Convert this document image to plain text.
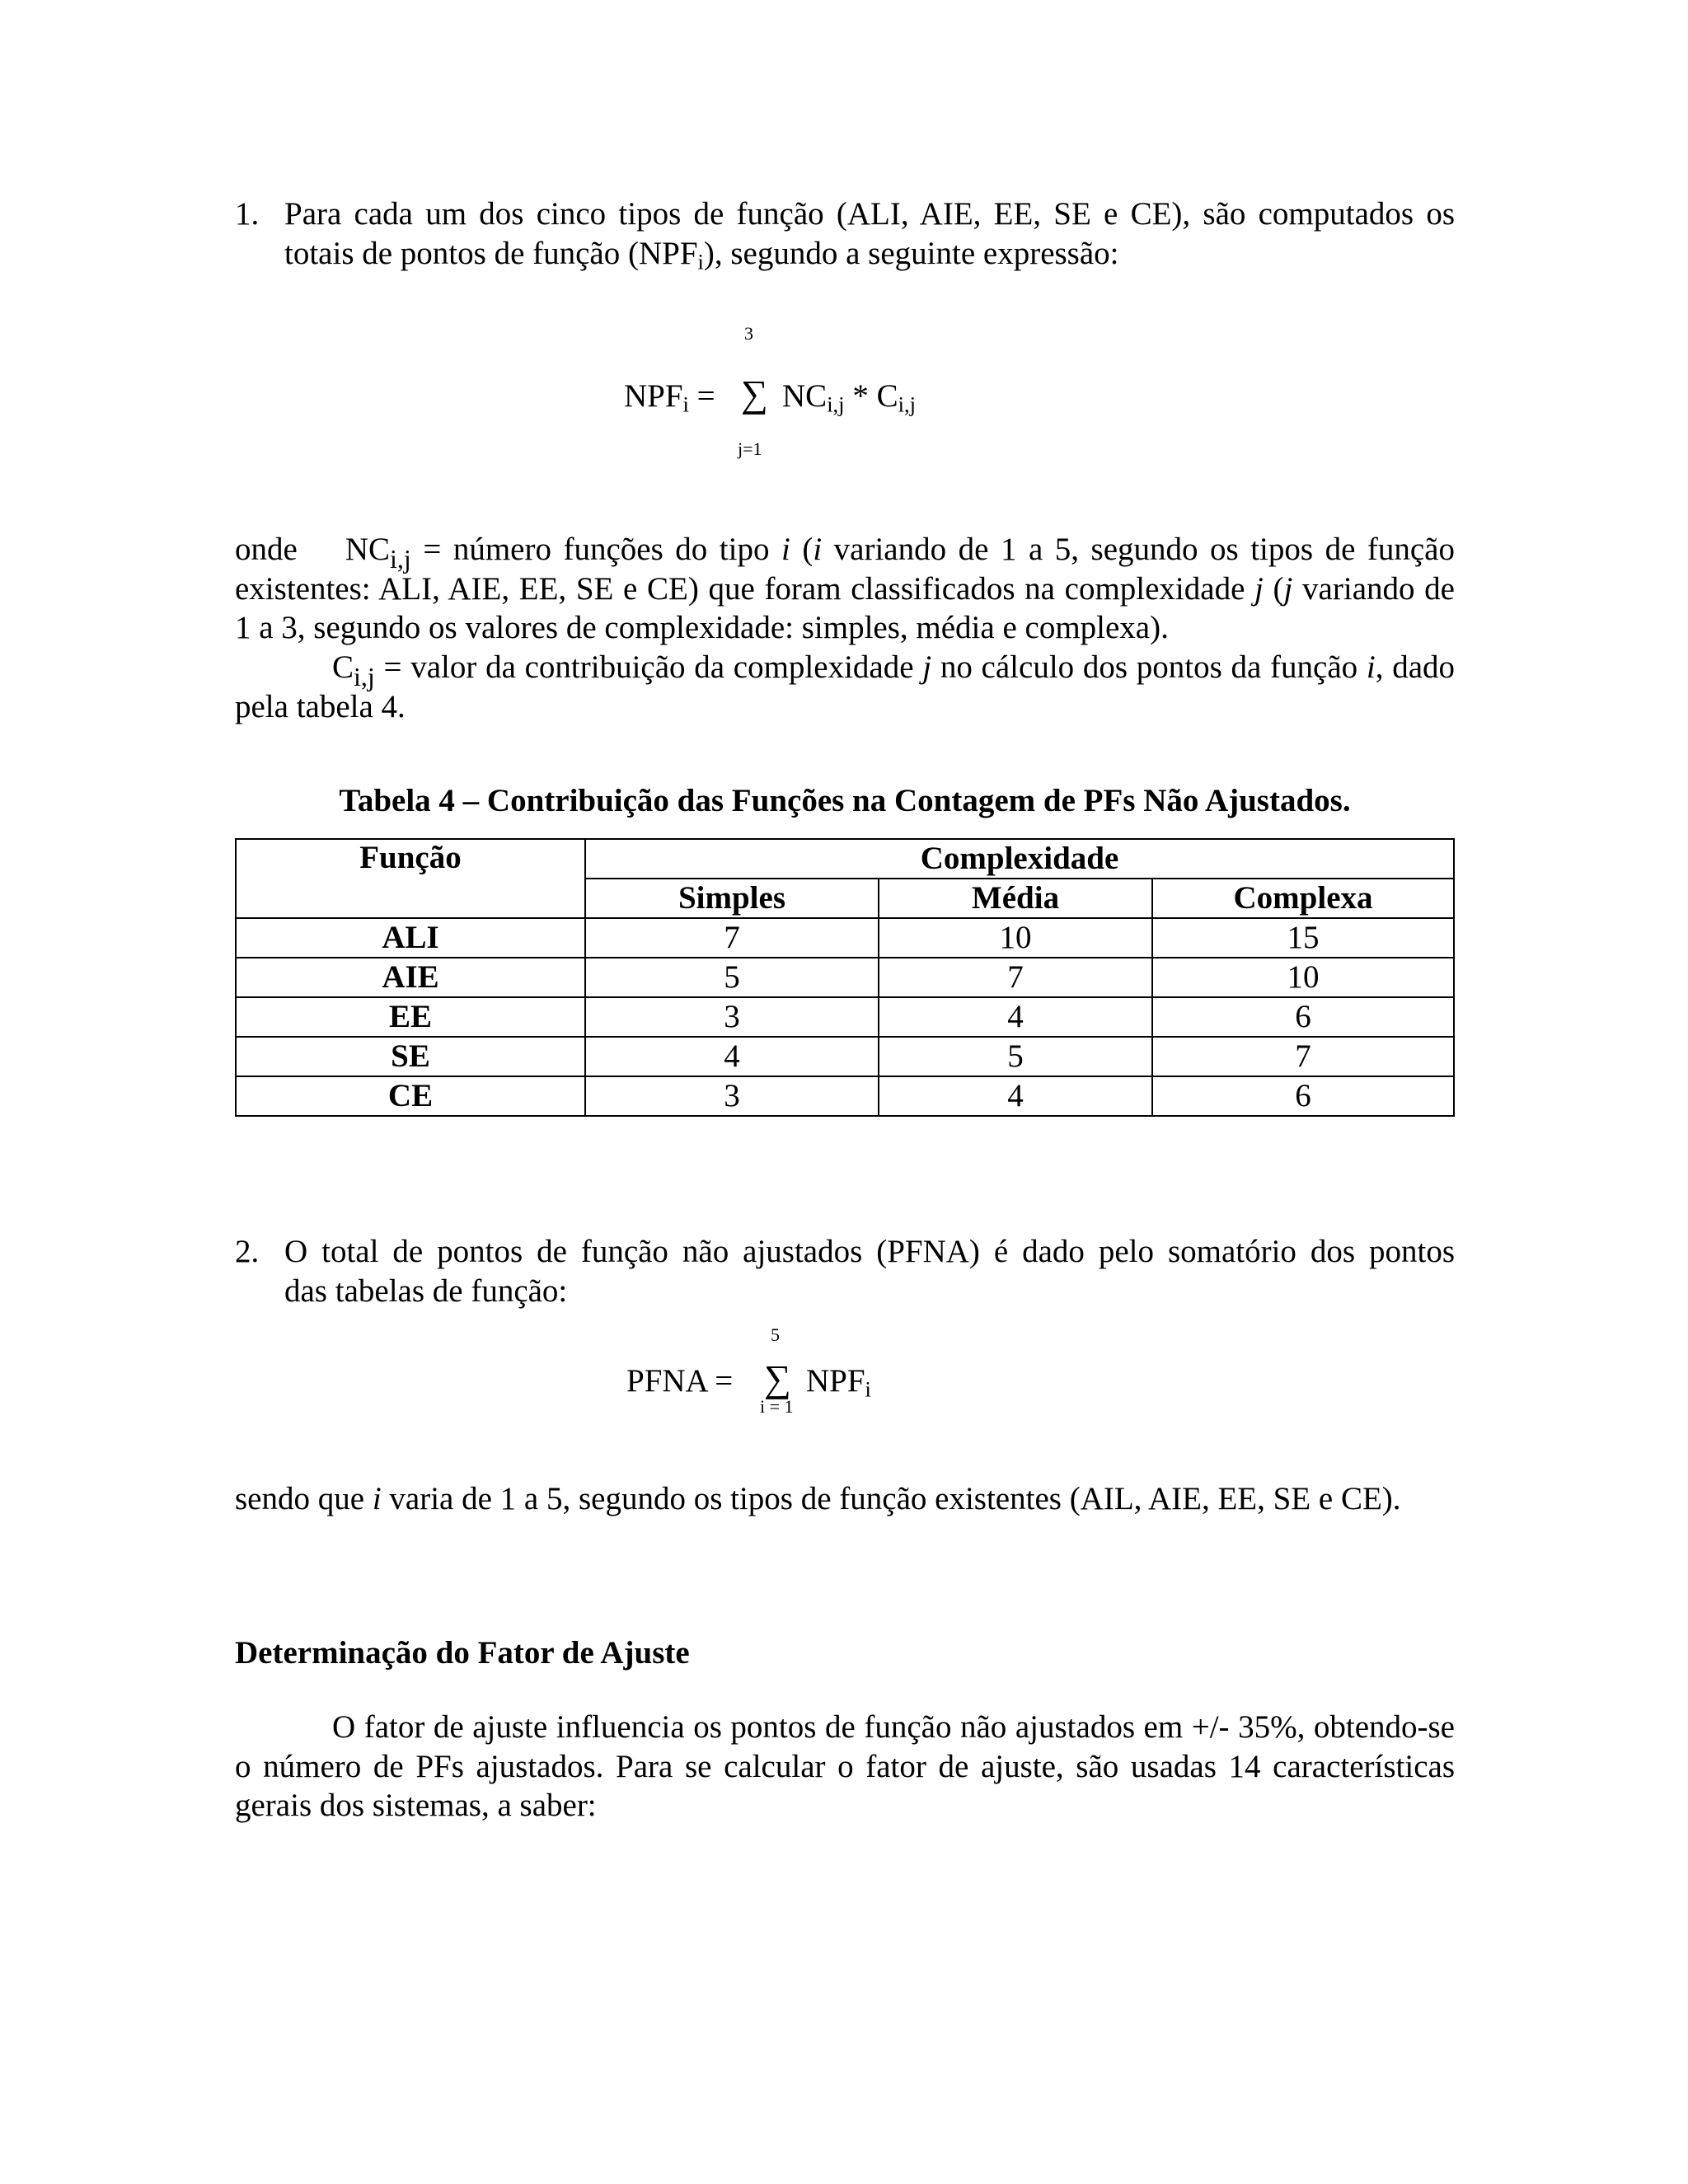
1. Para cada um dos cinco tipos de função (ALI, AIE, EE, SE e CE), são computados os
totais de pontos de função $(NPF_i)$, segundo a seguinte expressão:
3
$NPF_i$ = ∑ $NC_{i,j} * C_{i,j}$
j=1
onde $NC_{i,j}$ = número funções do tipo i (i variando de 1 a 5, segundo os tipos de função existentes: ALI, AIE, EE, SE e CE) que foram classificados na complexidade j (j variando de 1 a 3, segundo os valores de complexidade: simples, média e complexa).
$C_{i,j}$ = valor da contribuição da complexidade j no cálculo dos pontos da função i, dado pela tabela 4.
Tabela 4 – Contribuição das Funções na Contagem de PFs Não Ajustados.
Função	Complexidade		
	Simples	Média	Complexa
ALI	7	10	15
AIE	5	7	10
EE	3	4	6
SE	4	5	7
CE	3	4	6
2. O total de pontos de função não ajustados (PFNA) é dado pelo somatório dos pontos
das tabelas de função:
5
PFNA = ∑ $NPF_i$
i = 1
sendo que i varia de 1 a 5, segundo os tipos de função existentes (AIL, AIE, EE, SE e CE).
Determinação do Fator de Ajuste
O fator de ajuste influencia os pontos de função não ajustados em +/- 35%, obtendo-se o número de PFs ajustados. Para se calcular o fator de ajuste, são usadas 14 características gerais dos sistemas, a saber:
